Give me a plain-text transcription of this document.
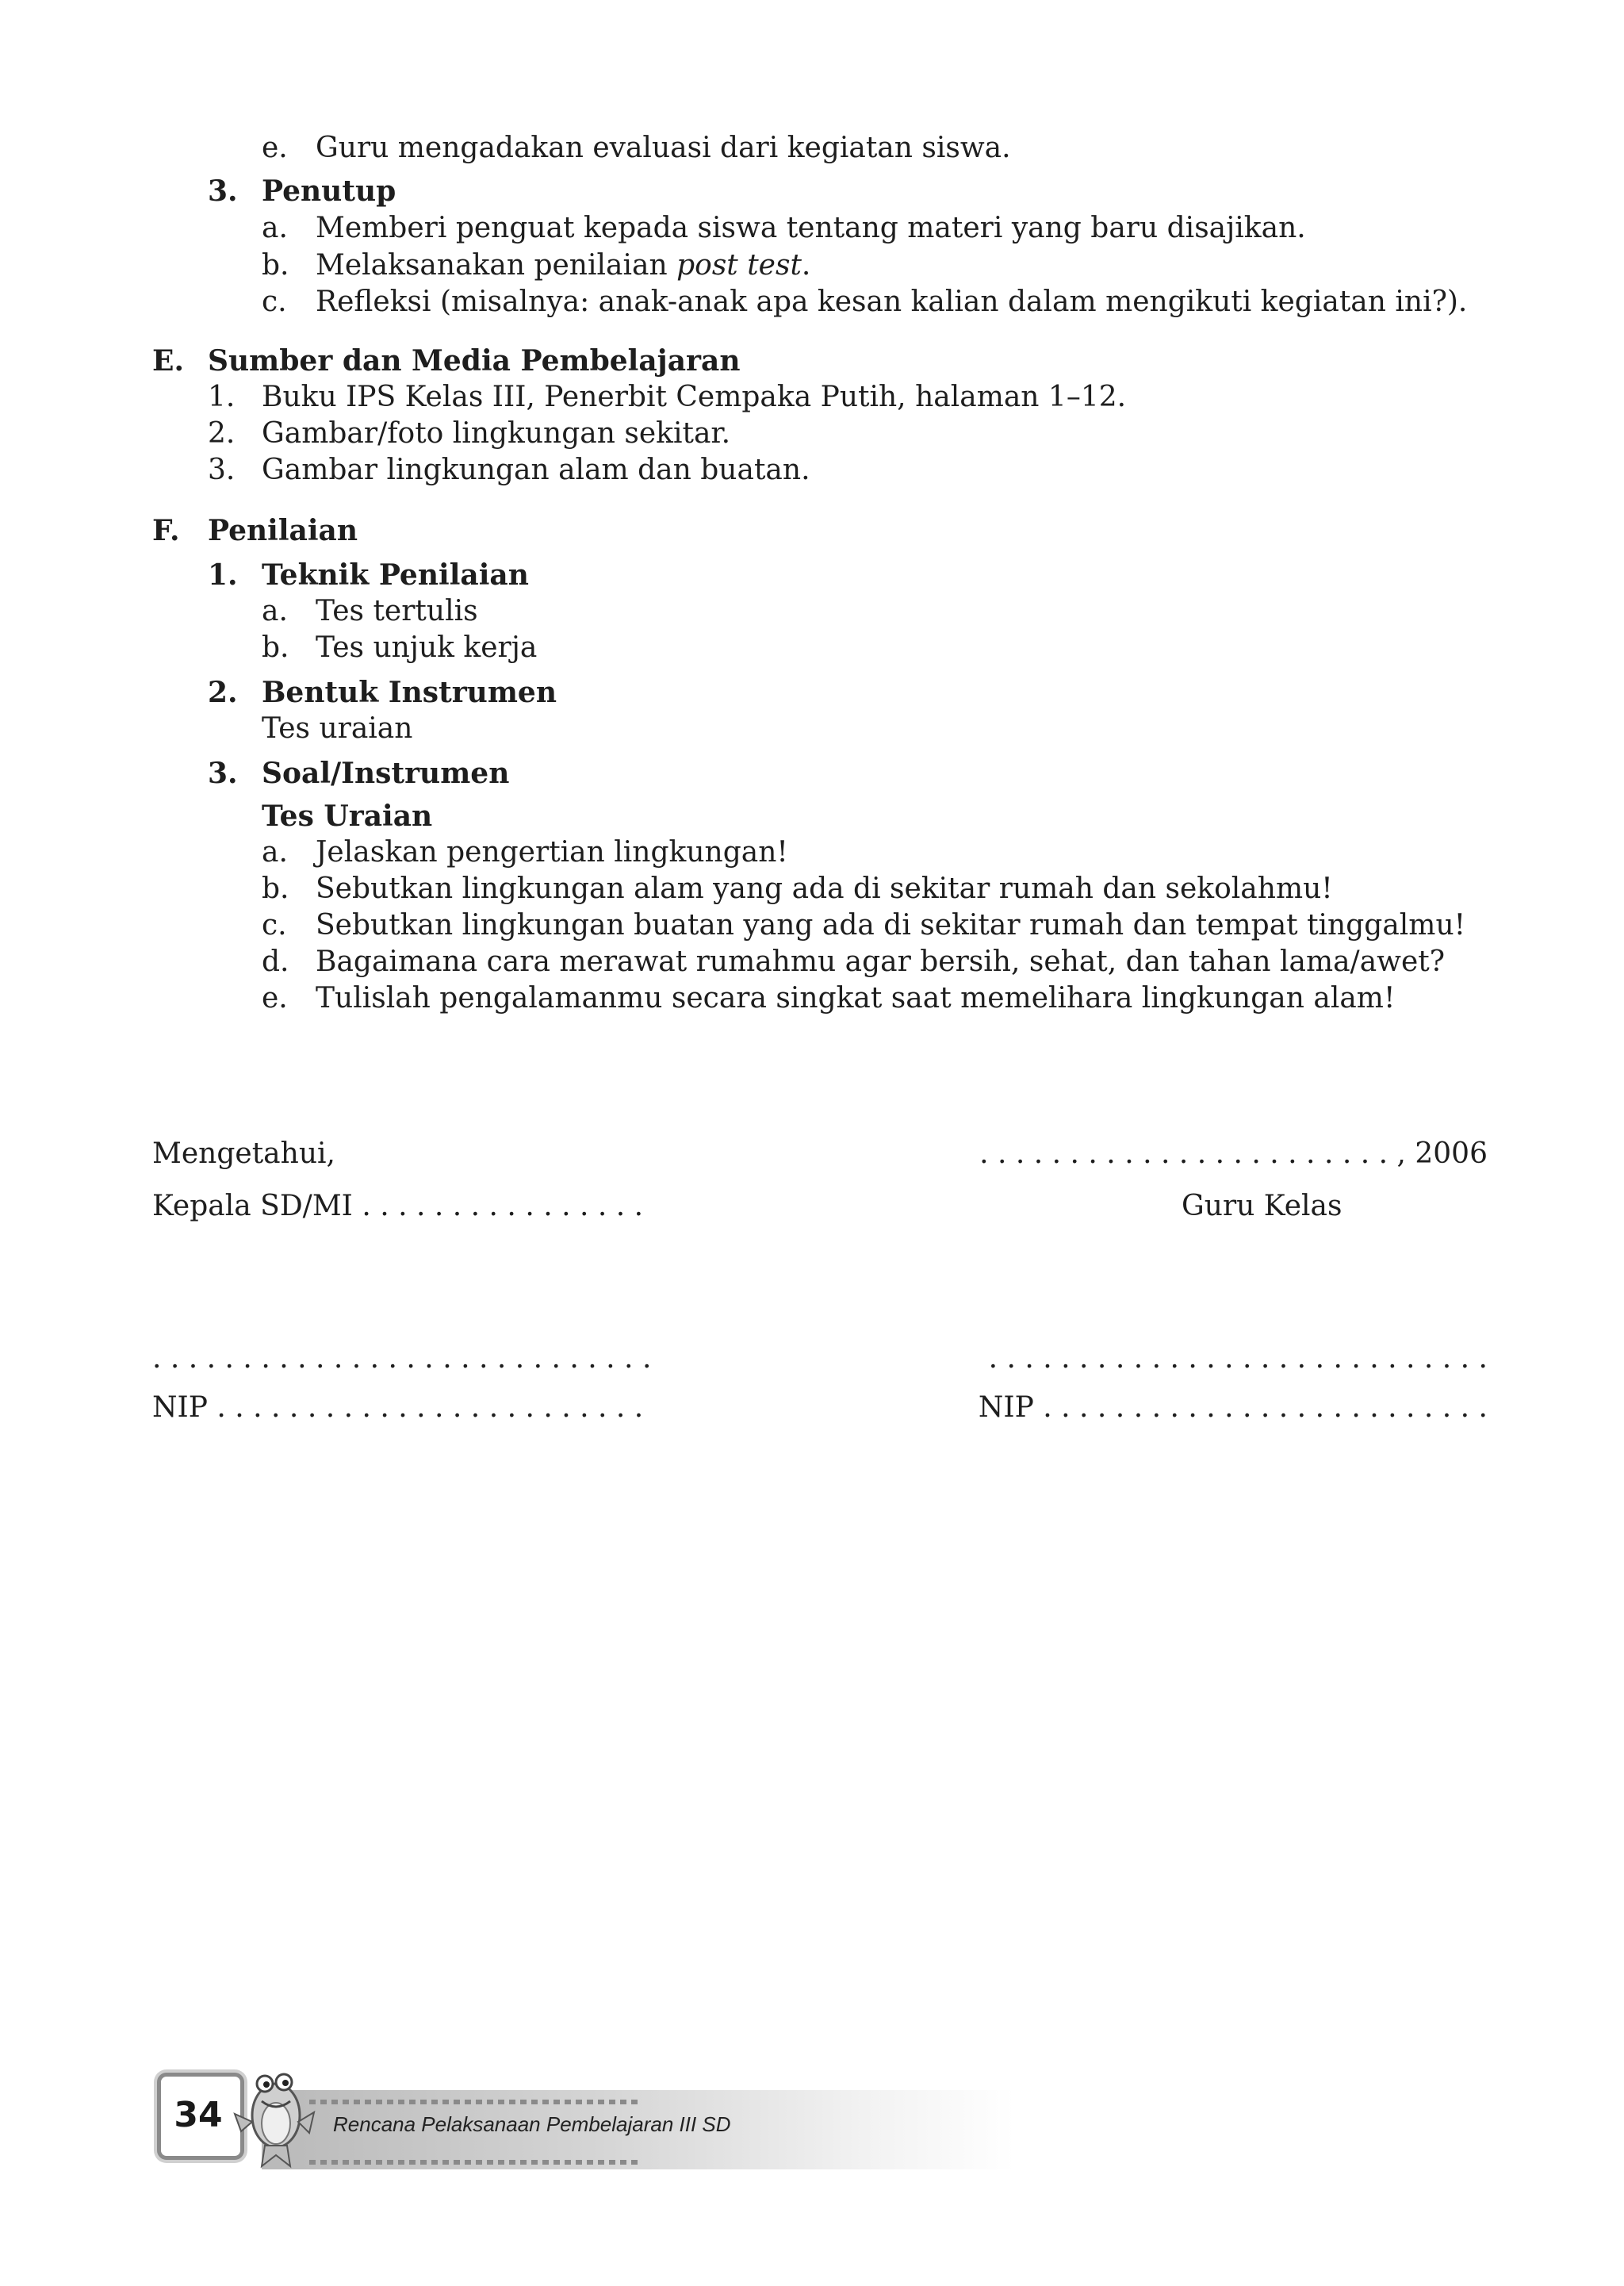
e. Guru mengadakan evaluasi dari kegiatan siswa.
3. Penutup
a. Memberi penguat kepada siswa tentang materi yang baru disajikan.
b. Melaksanakan penilaian post test.
c. Refleksi (misalnya: anak-anak apa kesan kalian dalam mengikuti kegiatan ini?).
E. Sumber dan Media Pembelajaran
1. Buku IPS Kelas III, Penerbit Cempaka Putih, halaman 1–12.
2. Gambar/foto lingkungan sekitar.
3. Gambar lingkungan alam dan buatan.
F. Penilaian
1. Teknik Penilaian
a. Tes tertulis
b. Tes unjuk kerja
2. Bentuk Instrumen
Tes uraian
3. Soal/Instrumen
Tes Uraian
a. Jelaskan pengertian lingkungan!
b. Sebutkan lingkungan alam yang ada di sekitar rumah dan sekolahmu!
c. Sebutkan lingkungan buatan yang ada di sekitar rumah dan tempat tinggalmu!
d. Bagaimana cara merawat rumahmu agar bersih, sehat, dan tahan lama/awet?
e. Tulislah pengalamanmu secara singkat saat memelihara lingkungan alam!
Mengetahui,
Kepala SD/MI . . . . . . . . . . . . . . . .
. . . . . . . . . . . . . . . . . . . . . . . . . . . .
NIP . . . . . . . . . . . . . . . . . . . . . . . .
. . . . . . . . . . . . . . . . . . . . . . . , 2006
Guru Kelas
. . . . . . . . . . . . . . . . . . . . . . . . . . . .
NIP . . . . . . . . . . . . . . . . . . . . . . . . .
34	Rencana Pelaksanaan Pembelajaran III SD
